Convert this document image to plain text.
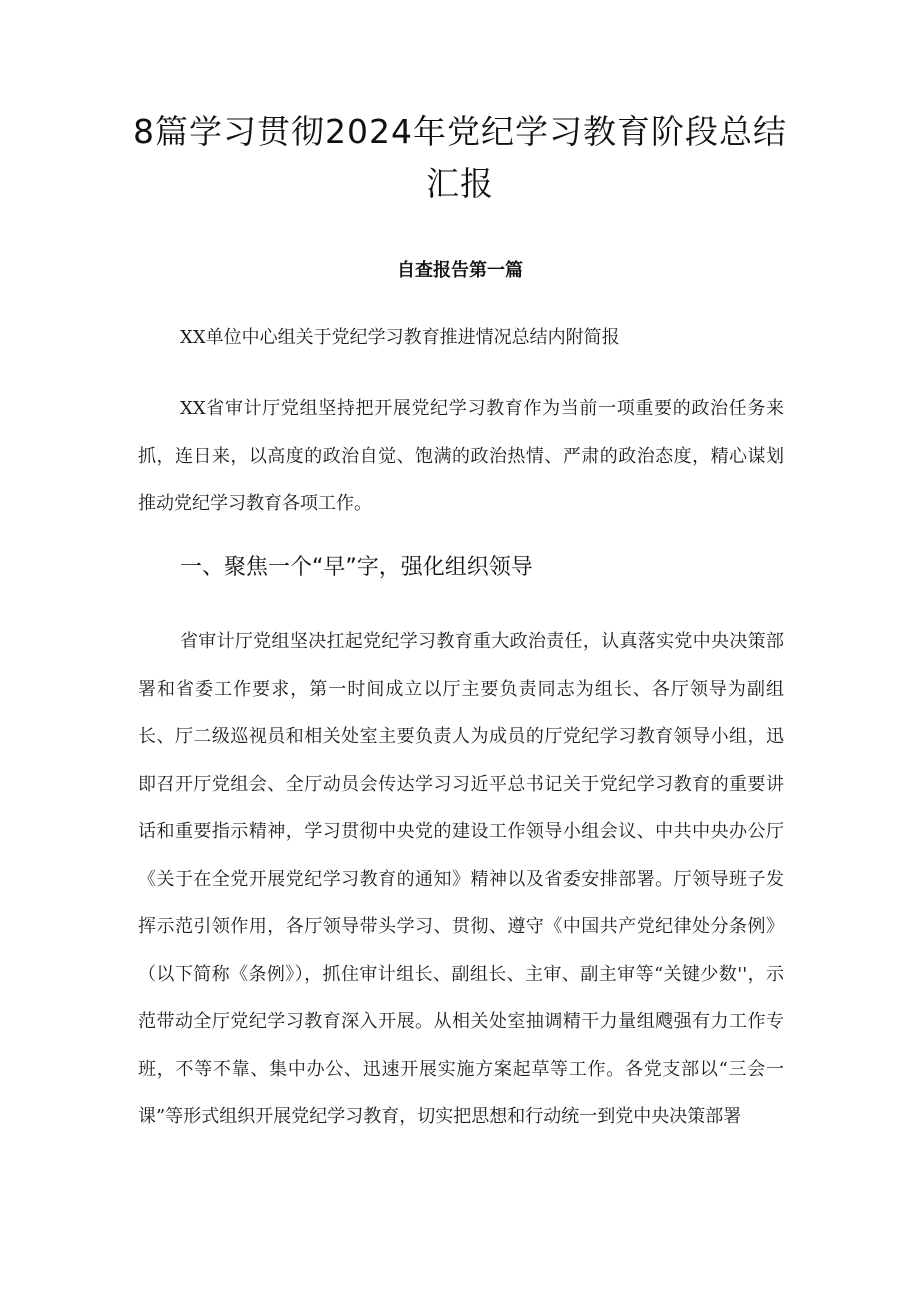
8篇学习贯彻2024年党纪学习教育阶段总结汇报
自查报告第一篇
XX单位中心组关于党纪学习教育推进情况总结内附简报

XX省审计厅党组坚持把开展党纪学习教育作为当前一项重要的政治任务来抓，连日来，以高度的政治自觉、饱满的政治热情、严肃的政治态度，精心谋划推动党纪学习教育各项工作。

一、聚焦一个“早”字，强化组织领导

省审计厅党组坚决扛起党纪学习教育重大政治责任，认真落实党中央决策部署和省委工作要求，第一时间成立以厅主要负责同志为组长、各厅领导为副组长、厅二级巡视员和相关处室主要负责人为成员的厅党纪学习教育领导小组，迅即召开厅党组会、全厅动员会传达学习习近平总书记关于党纪学习教育的重要讲话和重要指示精神，学习贯彻中央党的建设工作领导小组会议、中共中央办公厅《关于在全党开展党纪学习教育的通知》精神以及省委安排部署。厅领导班子发挥示范引领作用，各厅领导带头学习、贯彻、遵守《中国共产党纪律处分条例》（以下简称《条例》），抓住审计组长、副组长、主审、副主审等“关键少数''，示范带动全厅党纪学习教育深入开展。从相关处室抽调精干力量组飕强有力工作专班，不等不靠、集中办公、迅速开展实施方案起草等工作。各党支部以“三会一课”等形式组织开展党纪学习教育，切实把思想和行动统一到党中央决策部署
